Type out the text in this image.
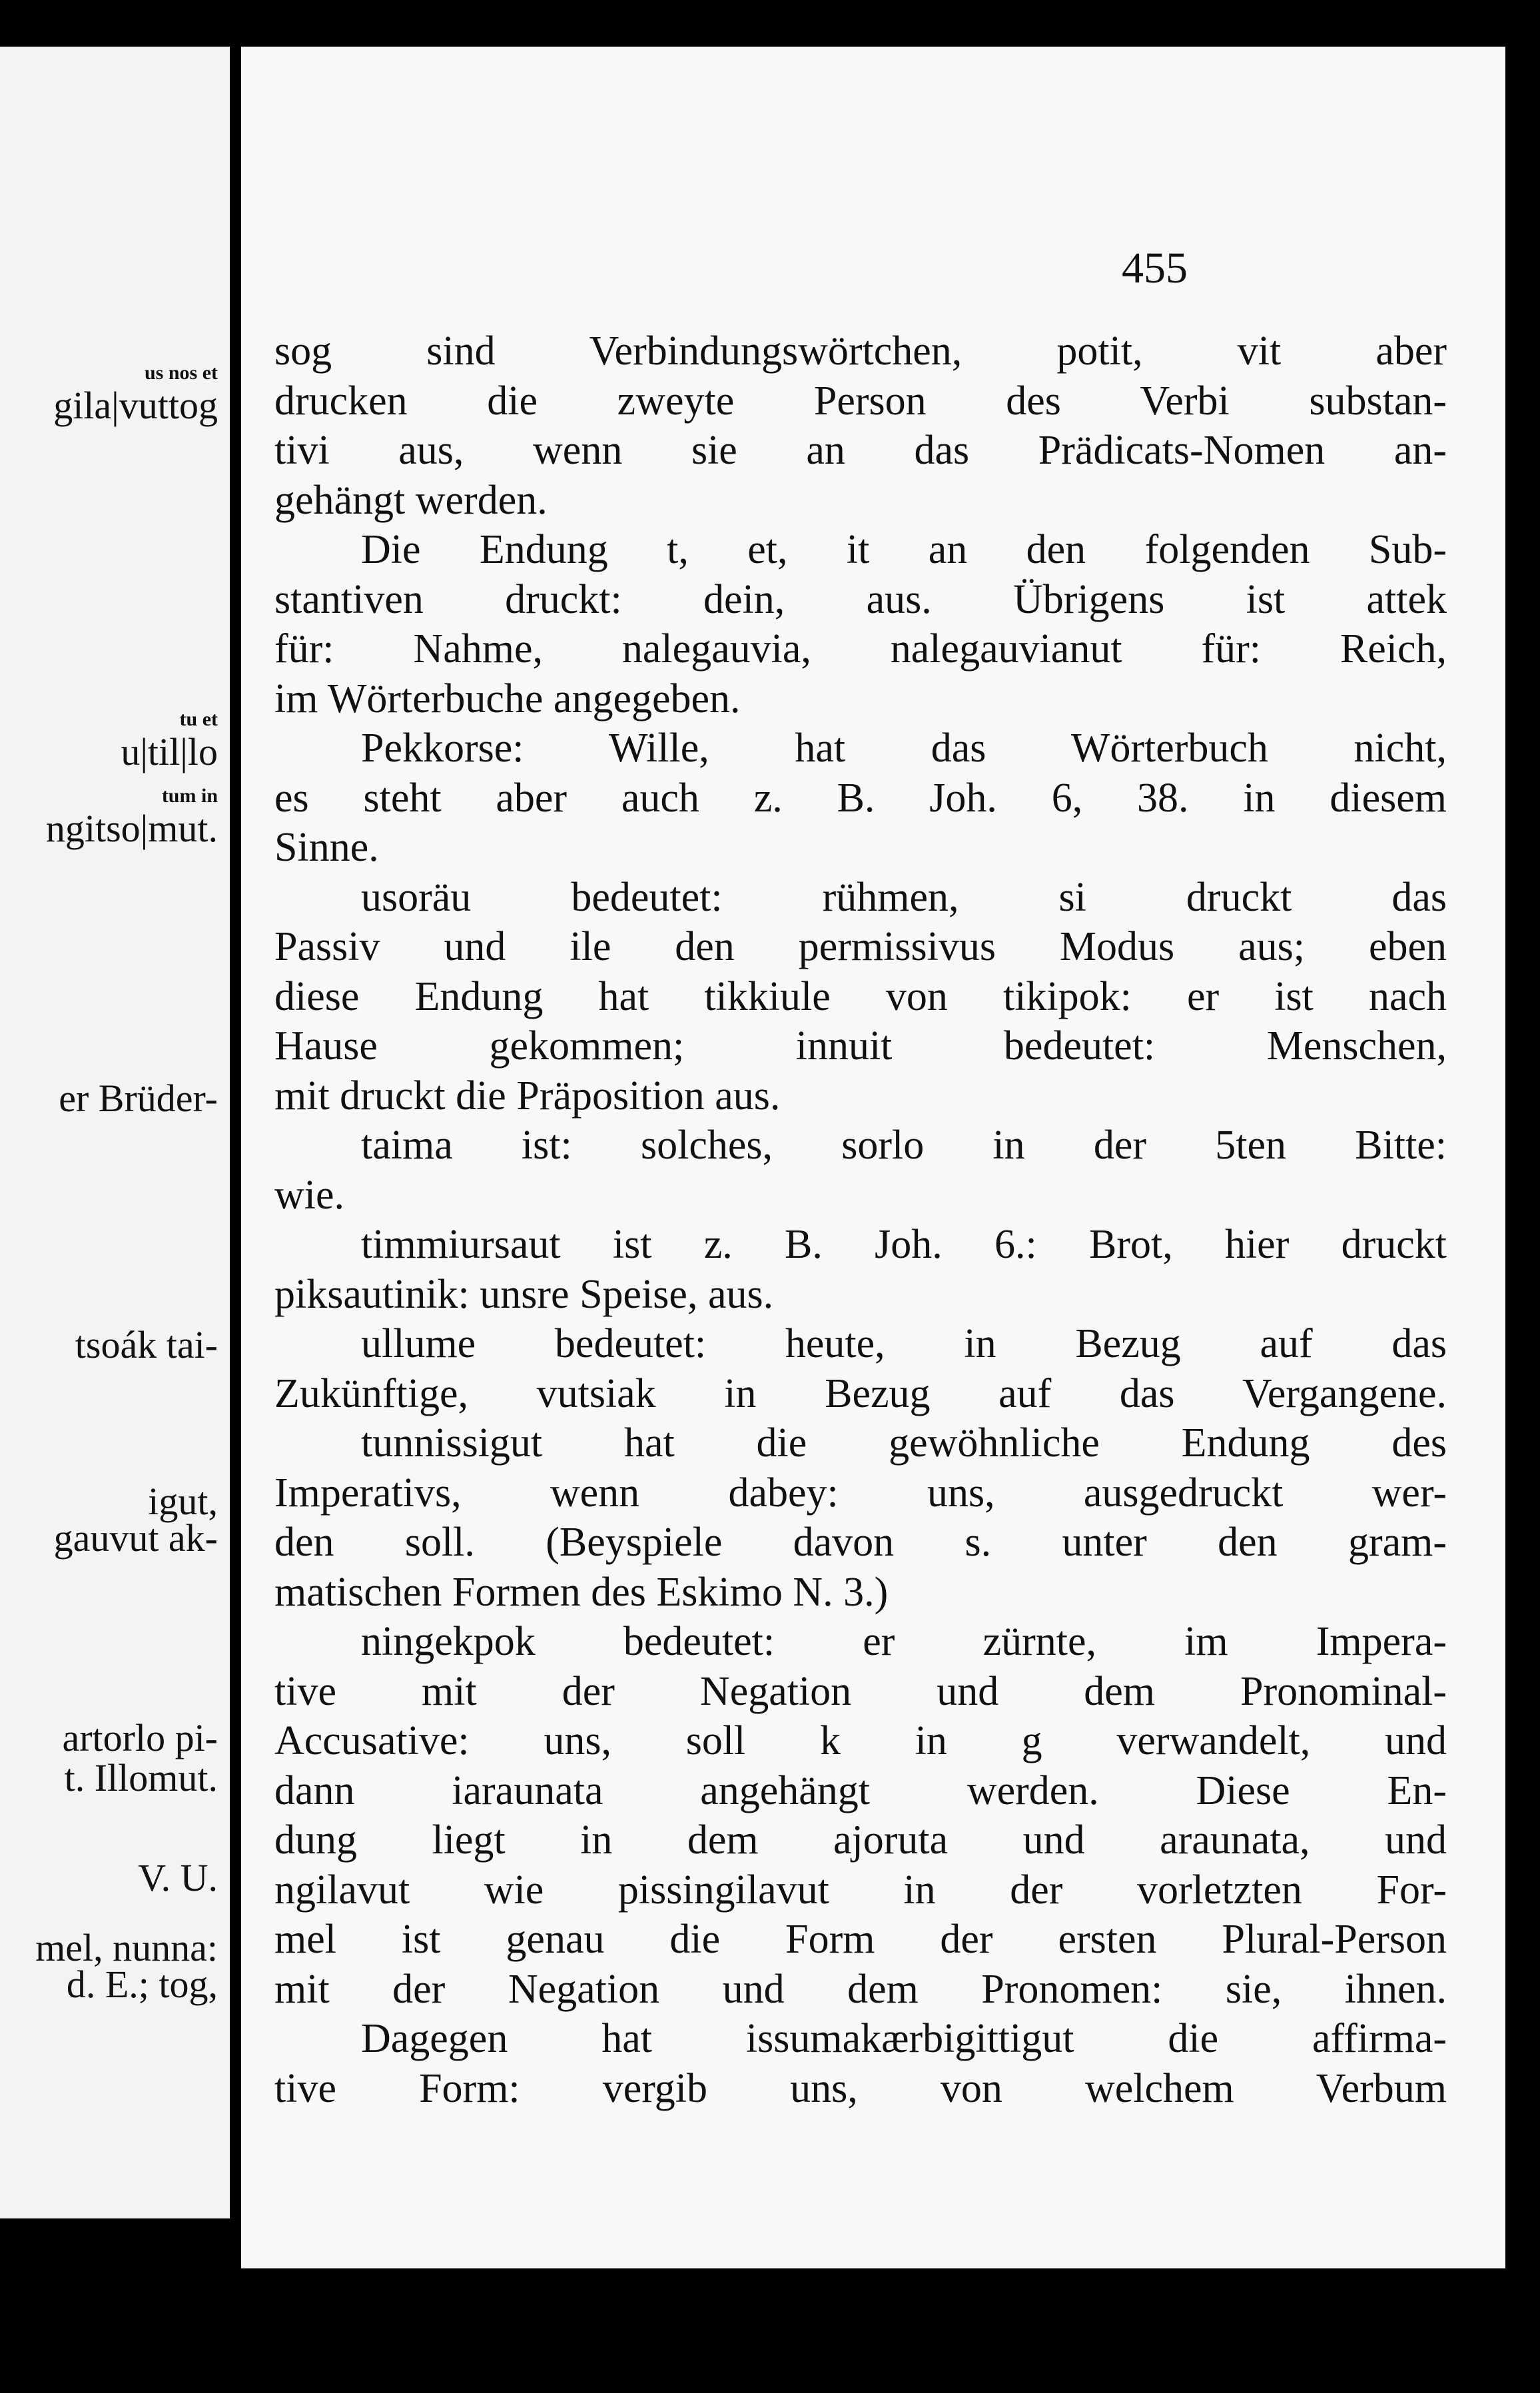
us nos et
gila|vuttog
tu et
u|til|lo
tum in
ngitso|mut.
er Brüder-
tsoák tai-
igut,
gauvut ak-
artorlo pi-
t. Illomut.
V. U.
mel, nunna:
d. E.; tog,
455
sog sind Verbindungswörtchen, potit, vit aber
drucken die zweyte Person des Verbi substan-
tivi aus, wenn sie an das Prädicats-Nomen an-
gehängt werden.
Die Endung t, et, it an den folgenden Sub-
stantiven druckt: dein, aus. Übrigens ist attek
für: Nahme, nalegauvia, nalegauvianut für: Reich,
im Wörterbuche angegeben.
Pekkorse: Wille, hat das Wörterbuch nicht,
es steht aber auch z. B. Joh. 6, 38. in diesem
Sinne.
usoräu bedeutet: rühmen, si druckt das
Passiv und ile den permissivus Modus aus; eben
diese Endung hat tikkiule von tikipok: er ist nach
Hause gekommen; innuit bedeutet: Menschen,
mit druckt die Präposition aus.
taima ist: solches, sorlo in der 5ten Bitte:
wie.
timmiursaut ist z. B. Joh. 6.: Brot, hier druckt
piksautinik: unsre Speise, aus.
ullume bedeutet: heute, in Bezug auf das
Zukünftige, vutsiak in Bezug auf das Vergangene.
tunnissigut hat die gewöhnliche Endung des
Imperativs, wenn dabey: uns, ausgedruckt wer-
den soll. (Beyspiele davon s. unter den gram-
matischen Formen des Eskimo N. 3.)
ningekpok bedeutet: er zürnte, im Impera-
tive mit der Negation und dem Pronominal-
Accusative: uns, soll k in g verwandelt, und
dann iaraunata angehängt werden. Diese En-
dung liegt in dem ajoruta und araunata, und
ngilavut wie pissingilavut in der vorletzten For-
mel ist genau die Form der ersten Plural-Person
mit der Negation und dem Pronomen: sie, ihnen.
Dagegen hat issumakærbigittigut die affirma-
tive Form: vergib uns, von welchem Verbum
